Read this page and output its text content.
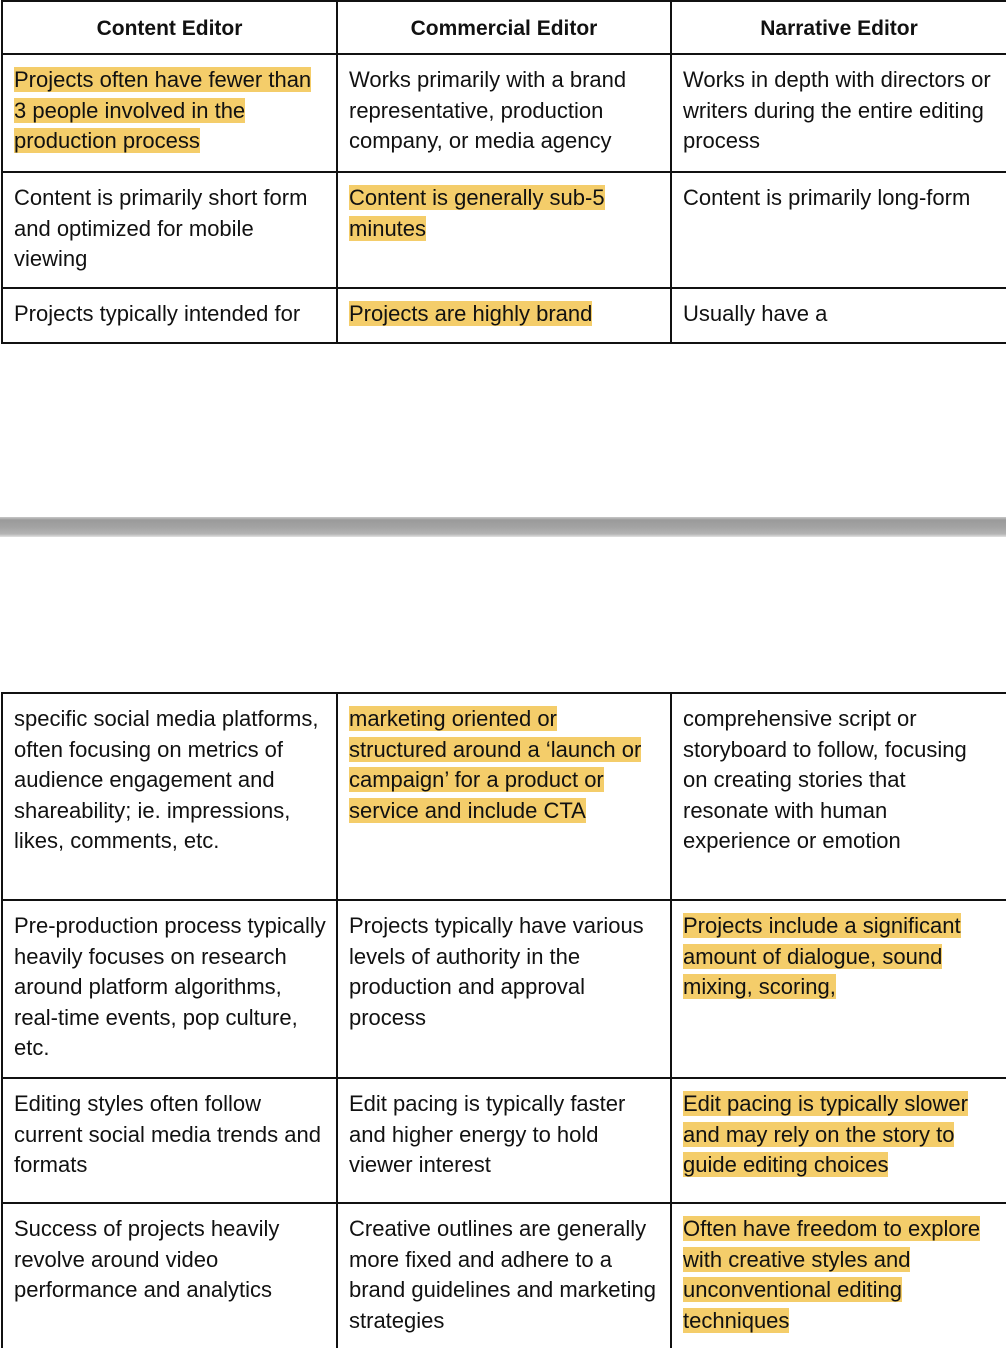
Content Editor	Commercial Editor	Narrative Editor
Projects often have fewer than 3 people involved in the production process	Works primarily with a brand representative, production company, or media agency	Works in depth with directors or writers during the entire editing process
Content is primarily short form and optimized for mobile viewing	Content is generally sub-5 minutes	Content is primarily long-form
Projects typically intended for	Projects are highly brand	Usually have a
specific social media platforms, often focusing on metrics of audience engagement and shareability; ie. impressions, likes, comments, etc.	marketing oriented or structured around a ‘launch or campaign’ for a product or service and include CTA	comprehensive script or storyboard to follow, focusing on creating stories that resonate with human experience or emotion
Pre-production process typically heavily focuses on research around platform algorithms, real-time events, pop culture, etc.	Projects typically have various levels of authority in the production and approval process	Projects include a significant amount of dialogue, sound mixing, scoring,
Editing styles often follow current social media trends and formats	Edit pacing is typically faster and higher energy to hold viewer interest	Edit pacing is typically slower and may rely on the story to guide editing choices
Success of projects heavily revolve around video performance and analytics	Creative outlines are generally more fixed and adhere to a brand guidelines and marketing strategies	Often have freedom to explore with creative styles and unconventional editing techniques
